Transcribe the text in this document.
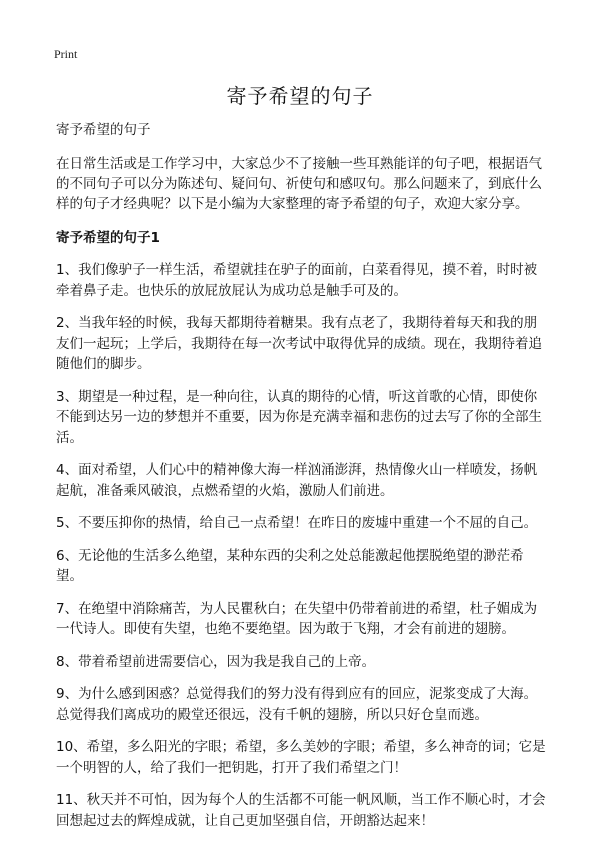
Print
寄予希望的句子

寄予希望的句子

在日常生活或是工作学习中，大家总少不了接触一些耳熟能详的句子吧，根据语气的不同句子可以分为陈述句、疑问句、祈使句和感叹句。那么问题来了，到底什么样的句子才经典呢？以下是小编为大家整理的寄予希望的句子，欢迎大家分享。

寄予希望的句子1

1、我们像驴子一样生活，希望就挂在驴子的面前，白菜看得见，摸不着，时时被牵着鼻子走。也快乐的放屁放屁认为成功总是触手可及的。

2、当我年轻的时候，我每天都期待着糖果。我有点老了，我期待着每天和我的朋友们一起玩；上学后，我期待在每一次考试中取得优异的成绩。现在，我期待着追随他们的脚步。

3、期望是一种过程，是一种向往，认真的期待的心情，听这首歌的心情，即使你不能到达另一边的梦想并不重要，因为你是充满幸福和悲伤的过去写了你的全部生活。

4、面对希望，人们心中的精神像大海一样汹涌澎湃，热情像火山一样喷发，扬帆起航，准备乘风破浪，点燃希望的火焰，激励人们前进。

5、不要压抑你的热情，给自己一点希望！在昨日的废墟中重建一个不屈的自己。

6、无论他的生活多么绝望，某种东西的尖利之处总能激起他摆脱绝望的渺茫希望。

7、在绝望中消除痛苦，为人民瞿秋白；在失望中仍带着前进的希望，杜子媚成为一代诗人。即使有失望，也绝不要绝望。因为敢于飞翔，才会有前进的翅膀。

8、带着希望前进需要信心，因为我是我自己的上帝。

9、为什么感到困惑？总觉得我们的努力没有得到应有的回应，泥浆变成了大海。总觉得我们离成功的殿堂还很远，没有千帆的翅膀，所以只好仓皇而逃。

10、希望，多么阳光的字眼；希望，多么美妙的字眼；希望，多么神奇的词；它是一个明智的人，给了我们一把钥匙，打开了我们希望之门！

11、秋天并不可怕，因为每个人的生活都不可能一帆风顺，当工作不顺心时，才会回想起过去的辉煌成就，让自己更加坚强自信，开朗豁达起来！
